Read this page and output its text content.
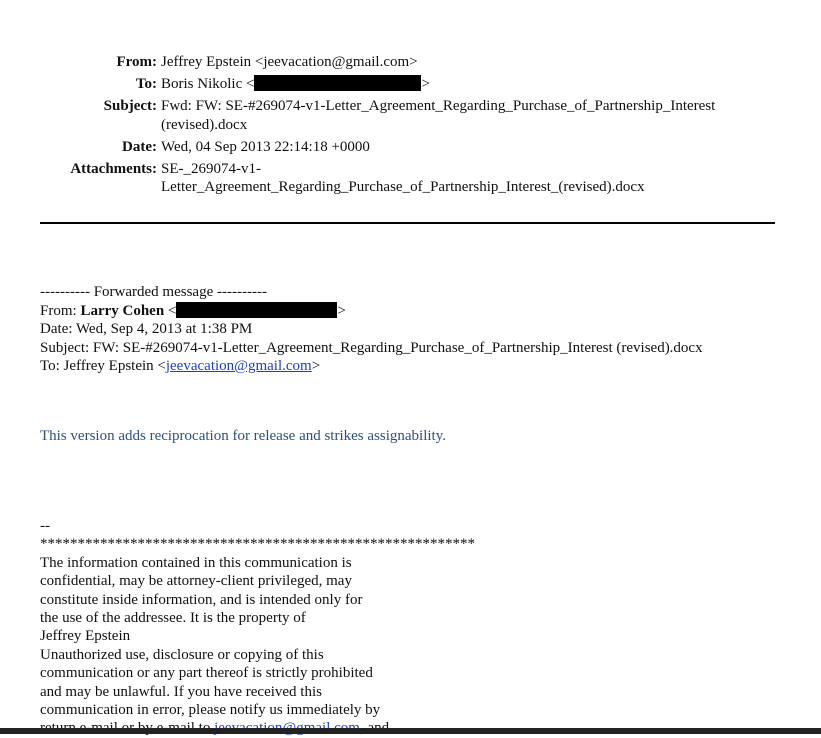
From:	Jeffrey Epstein <jeevacation@gmail.com>
To:	Boris Nikolic < >
Subject:	Fwd: FW: SE-#269074-v1-Letter_Agreement_Regarding_Purchase_of_Partnership_Interest
(revised).docx
Date:	Wed, 04 Sep 2013 22:14:18 +0000
Attachments:	SE-_269074-v1-
Letter_Agreement_Regarding_Purchase_of_Partnership_Interest_(revised).docx
---------- Forwarded message ----------
From: Larry Cohen <	>
Date: Wed, Sep 4, 2013 at 1:38 PM
Subject: FW: SE-#269074-v1-Letter_Agreement_Regarding_Purchase_of_Partnership_Interest (revised).docx
To: Jeffrey Epstein <jeevacation@gmail.com>
This version adds reciprocation for release and strikes assignability.
--
**********************************************************
The information contained in this communication is
confidential, may be attorney-client privileged, may
constitute inside information, and is intended only for
the use of the addressee. It is the property of
Jeffrey Epstein
Unauthorized use, disclosure or copying of this
communication or any part thereof is strictly prohibited
and may be unlawful. If you have received this
communication in error, please notify us immediately by
